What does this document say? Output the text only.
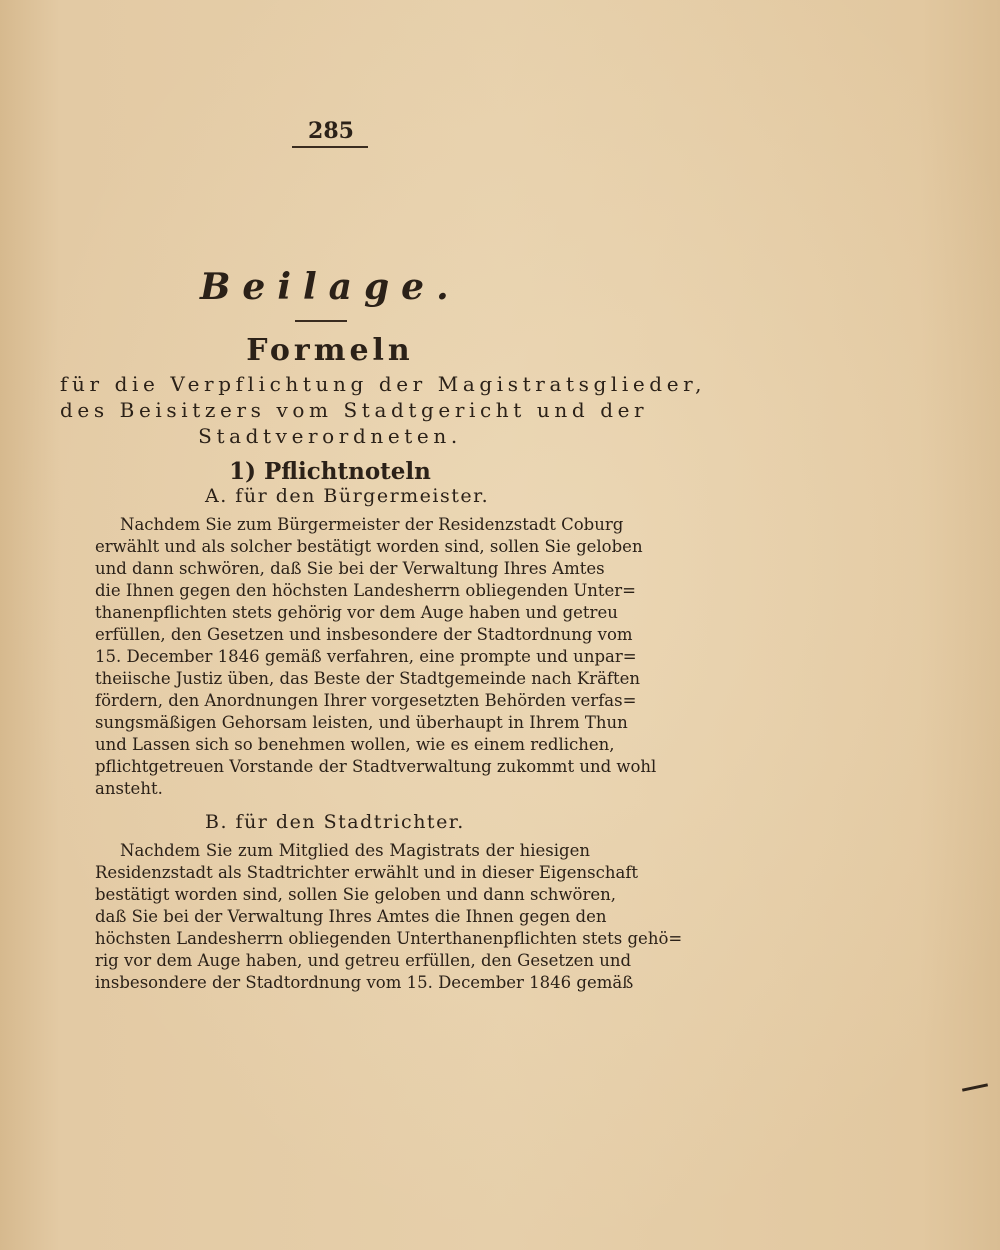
285
Beilage.
Formeln
für die Verpflichtung der Magistratsglieder,
des Beisitzers vom Stadtgericht und der
Stadtverordneten.
1) Pflichtnoteln
A. für den Bürgermeister.
Nachdem Sie zum Bürgermeister der Residenzstadt Coburg
erwählt und als solcher bestätigt worden sind, sollen Sie geloben
und dann schwören, daß Sie bei der Verwaltung Ihres Amtes
die Ihnen gegen den höchsten Landesherrn obliegenden Unter=
thanenpflichten stets gehörig vor dem Auge haben und getreu
erfüllen, den Gesetzen und insbesondere der Stadtordnung vom
15. December 1846 gemäß verfahren, eine prompte und unpar=
theiische Justiz üben, das Beste der Stadtgemeinde nach Kräften
fördern, den Anordnungen Ihrer vorgesetzten Behörden verfas=
sungsmäßigen Gehorsam leisten, und überhaupt in Ihrem Thun
und Lassen sich so benehmen wollen, wie es einem redlichen,
pflichtgetreuen Vorstande der Stadtverwaltung zukommt und wohl
ansteht.
B. für den Stadtrichter.
Nachdem Sie zum Mitglied des Magistrats der hiesigen
Residenzstadt als Stadtrichter erwählt und in dieser Eigenschaft
bestätigt worden sind, sollen Sie geloben und dann schwören,
daß Sie bei der Verwaltung Ihres Amtes die Ihnen gegen den
höchsten Landesherrn obliegenden Unterthanenpflichten stets gehö=
rig vor dem Auge haben, und getreu erfüllen, den Gesetzen und
insbesondere der Stadtordnung vom 15. December 1846 gemäß
